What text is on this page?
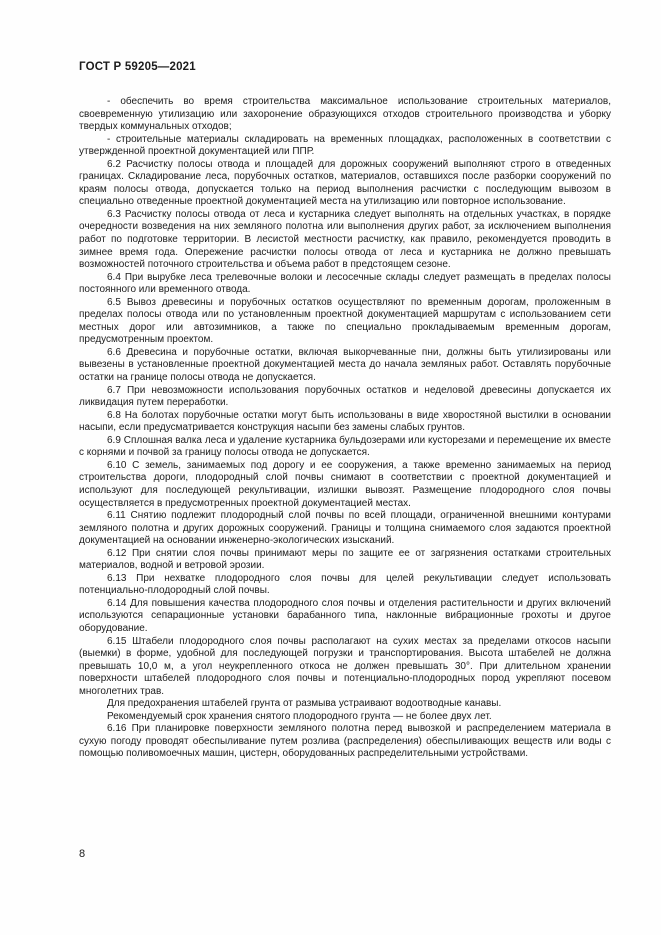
ГОСТ Р 59205—2021

- обеспечить во время строительства максимальное использование строительных материалов, своевременную утилизацию или захоронение образующихся отходов строительного производства и уборку твердых коммунальных отходов;

- строительные материалы складировать на временных площадках, расположенных в соответствии с утвержденной проектной документацией или ППР.

6.2 Расчистку полосы отвода и площадей для дорожных сооружений выполняют строго в отведенных границах. Складирование леса, порубочных остатков, материалов, оставшихся после разборки сооружений по краям полосы отвода, допускается только на период выполнения расчистки с последующим вывозом в специально отведенные проектной документацией места на утилизацию или повторное использование.

6.3 Расчистку полосы отвода от леса и кустарника следует выполнять на отдельных участках, в порядке очередности возведения на них земляного полотна или выполнения других работ, за исключением выполнения работ по подготовке территории. В лесистой местности расчистку, как правило, рекомендуется проводить в зимнее время года. Опережение расчистки полосы отвода от леса и кустарника не должно превышать возможностей поточного строительства и объема работ в предстоящем сезоне.

6.4 При вырубке леса трелевочные волоки и лесосечные склады следует размещать в пределах полосы постоянного или временного отвода.

6.5 Вывоз древесины и порубочных остатков осуществляют по временным дорогам, проложенным в пределах полосы отвода или по установленным проектной документацией маршрутам с использованием сети местных дорог или автозимников, а также по специально прокладываемым временным дорогам, предусмотренным проектом.

6.6 Древесина и порубочные остатки, включая выкорчеванные пни, должны быть утилизированы или вывезены в установленные проектной документацией места до начала земляных работ. Оставлять порубочные остатки на границе полосы отвода не допускается.

6.7 При невозможности использования порубочных остатков и неделовой древесины допускается их ликвидация путем переработки.

6.8 На болотах порубочные остатки могут быть использованы в виде хворостяной выстилки в основании насыпи, если предусматривается конструкция насыпи без замены слабых грунтов.

6.9 Сплошная валка леса и удаление кустарника бульдозерами или кусторезами и перемещение их вместе с корнями и почвой за границу полосы отвода не допускается.

6.10 С земель, занимаемых под дорогу и ее сооружения, а также временно занимаемых на период строительства дороги, плодородный слой почвы снимают в соответствии с проектной документацией и используют для последующей рекультивации, излишки вывозят. Размещение плодородного слоя почвы осуществляется в предусмотренных проектной документацией местах.

6.11 Снятию подлежит плодородный слой почвы по всей площади, ограниченной внешними контурами земляного полотна и других дорожных сооружений. Границы и толщина снимаемого слоя задаются проектной документацией на основании инженерно-экологических изысканий.

6.12 При снятии слоя почвы принимают меры по защите ее от загрязнения остатками строительных материалов, водной и ветровой эрозии.

6.13 При нехватке плодородного слоя почвы для целей рекультивации следует использовать потенциально-плодородный слой почвы.

6.14 Для повышения качества плодородного слоя почвы и отделения растительности и других включений используются сепарационные установки барабанного типа, наклонные вибрационные грохоты и другое оборудование.

6.15 Штабели плодородного слоя почвы располагают на сухих местах за пределами откосов насыпи (выемки) в форме, удобной для последующей погрузки и транспортирования. Высота штабелей не должна превышать 10,0 м, а угол неукрепленного откоса не должен превышать 30°. При длительном хранении поверхности штабелей плодородного слоя почвы и потенциально-плодородных пород укрепляют посевом многолетних трав.

Для предохранения штабелей грунта от размыва устраивают водоотводные канавы.

Рекомендуемый срок хранения снятого плодородного грунта — не более двух лет.

6.16 При планировке поверхности земляного полотна перед вывозкой и распределением материала в сухую погоду проводят обеспыливание путем розлива (распределения) обеспыливающих веществ или воды с помощью поливомоечных машин, цистерн, оборудованных распределительными устройствами.

8
